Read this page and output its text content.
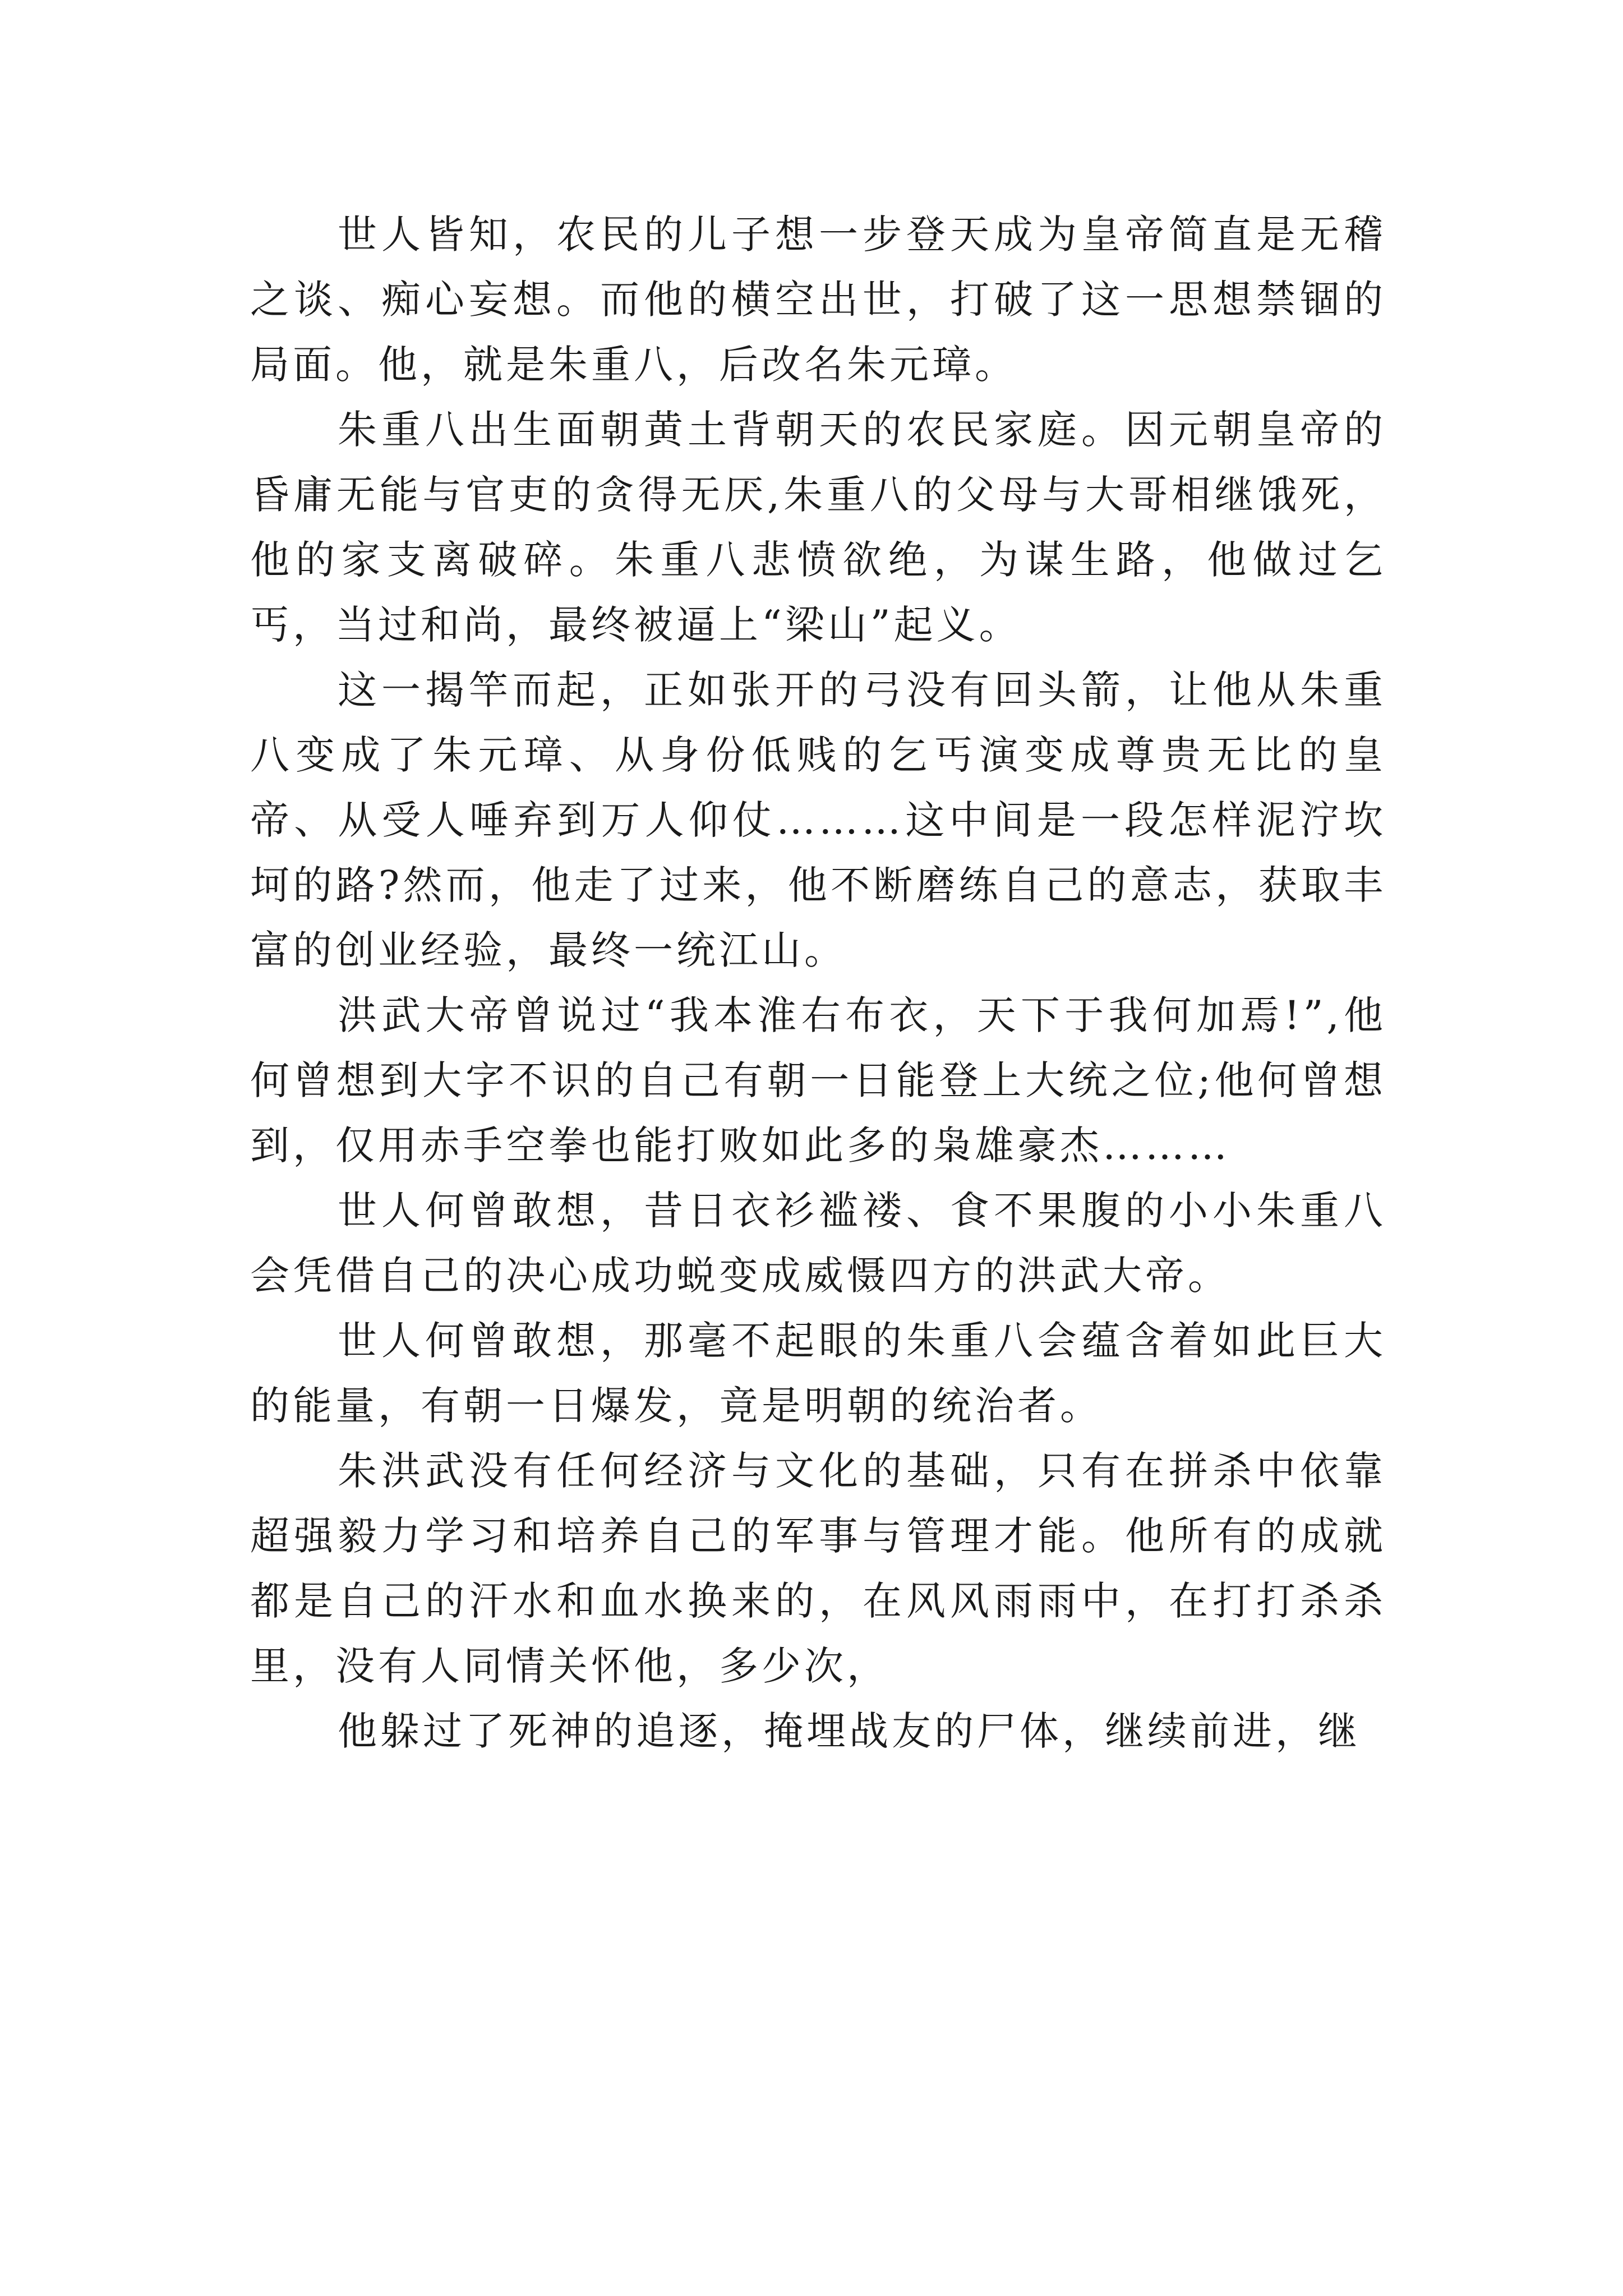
世人皆知，农民的儿子想一步登天成为皇帝简直是无稽之谈、痴心妄想。而他的横空出世，打破了这一思想禁锢的局面。他，就是朱重八，后改名朱元璋。

朱重八出生面朝黄土背朝天的农民家庭。因元朝皇帝的昏庸无能与官吏的贪得无厌,朱重八的父母与大哥相继饿死，他的家支离破碎。朱重八悲愤欲绝，为谋生路，他做过乞丐，当过和尚，最终被逼上“梁山”起义。

这一揭竿而起，正如张开的弓没有回头箭，让他从朱重八变成了朱元璋、从身份低贱的乞丐演变成尊贵无比的皇帝、从受人唾弃到万人仰仗………这中间是一段怎样泥泞坎坷的路?然而，他走了过来，他不断磨练自己的意志，获取丰富的创业经验，最终一统江山。

洪武大帝曾说过“我本淮右布衣，天下于我何加焉!”,他何曾想到大字不识的自己有朝一日能登上大统之位;他何曾想到，仅用赤手空拳也能打败如此多的枭雄豪杰………

世人何曾敢想，昔日衣衫褴褛、食不果腹的小小朱重八会凭借自己的决心成功蜕变成威慑四方的洪武大帝。

世人何曾敢想，那毫不起眼的朱重八会蕴含着如此巨大的能量，有朝一日爆发，竟是明朝的统治者。

朱洪武没有任何经济与文化的基础，只有在拼杀中依靠超强毅力学习和培养自己的军事与管理才能。他所有的成就都是自己的汗水和血水换来的，在风风雨雨中，在打打杀杀里，没有人同情关怀他，多少次，

他躲过了死神的追逐，掩埋战友的尸体，继续前进，继
